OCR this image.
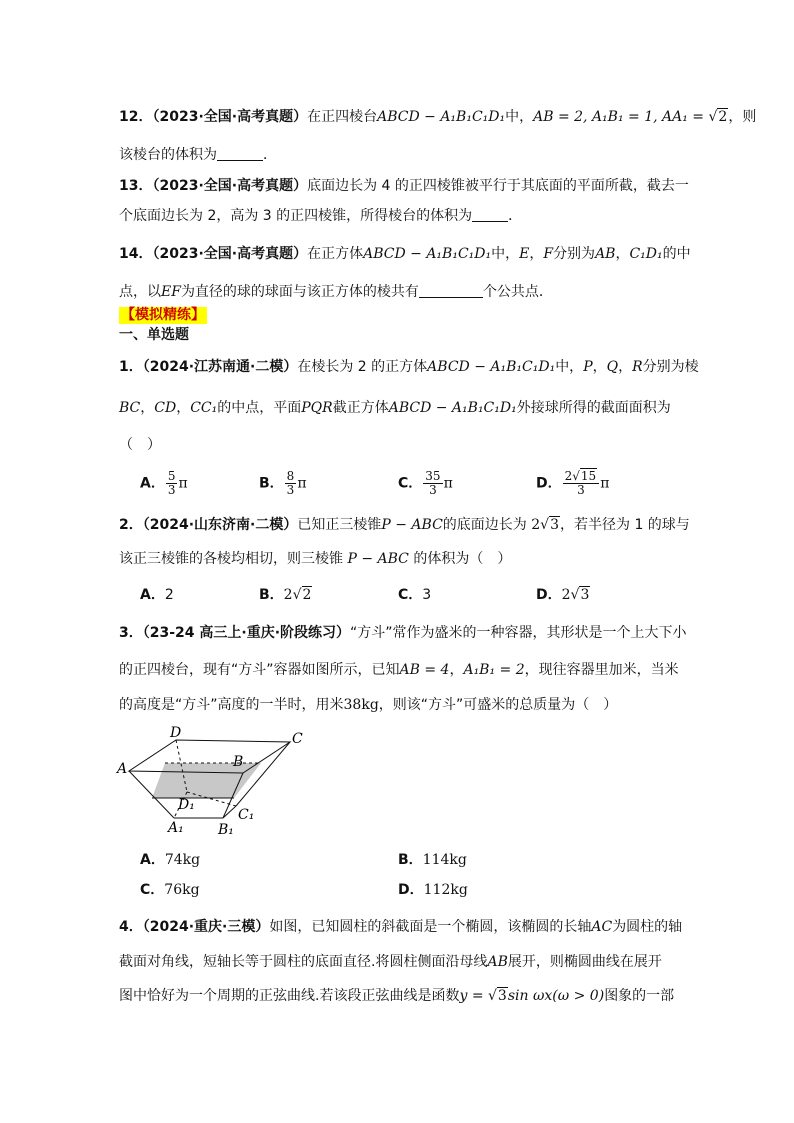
12．（2023·全国·高考真题）在正四棱台ABCD − A₁B₁C₁D₁中，AB = 2, A₁B₁ = 1, AA₁ = √2，则
该棱台的体积为	．
13．（2023·全国·高考真题）底面边长为 4 的正四棱锥被平行于其底面的平面所截，截去一
个底面边长为 2，高为 3 的正四棱锥，所得棱台的体积为	．
14．（2023·全国·高考真题）在正方体ABCD − A₁B₁C₁D₁中，E，F分别为AB，C₁D₁的中
点，以EF为直径的球的球面与该正方体的棱共有	个公共点．
【模拟精练】
一、单选题
1．（2024·江苏南通·二模）在棱长为 2 的正方体ABCD − A₁B₁C₁D₁中，P，Q，R分别为棱
BC，CD，CC₁的中点，平面PQR截正方体ABCD − A₁B₁C₁D₁外接球所得的截面面积为
（　）
A． $\frac{5}{3}$ π	B． $\frac{8}{3}$ π	C． $\frac{35}{3}$ π	D． $\frac{2√15}{3}$ π
2．（2024·山东济南·二模）已知正三棱锥P − ABC的底面边长为 2√3，若半径为 1 的球与
该正三棱锥的各棱均相切，则三棱锥 P − ABC 的体积为（　）
A．2	B．2√2	C．3	D．2√3
3．（23-24 高三上·重庆·阶段练习）“方斗”常作为盛米的一种容器，其形状是一个上大下小
的正四棱台，现有“方斗”容器如图所示，已知AB = 4，A₁B₁ = 2，现往容器里加米，当米
的高度是“方斗”高度的一半时，用米38kg，则该“方斗”可盛米的总质量为（　）
D	C
A	B
D₁
C₁
A₁ B₁
A．74kg	B．114kg
C．76kg	D．112kg
4．（2024·重庆·三模）如图，已知圆柱的斜截面是一个椭圆，该椭圆的长轴AC为圆柱的轴
截面对角线，短轴长等于圆柱的底面直径.将圆柱侧面沿母线AB展开，则椭圆曲线在展开
图中恰好为一个周期的正弦曲线.若该段正弦曲线是函数y = √3sin ωx(ω > 0)图象的一部
